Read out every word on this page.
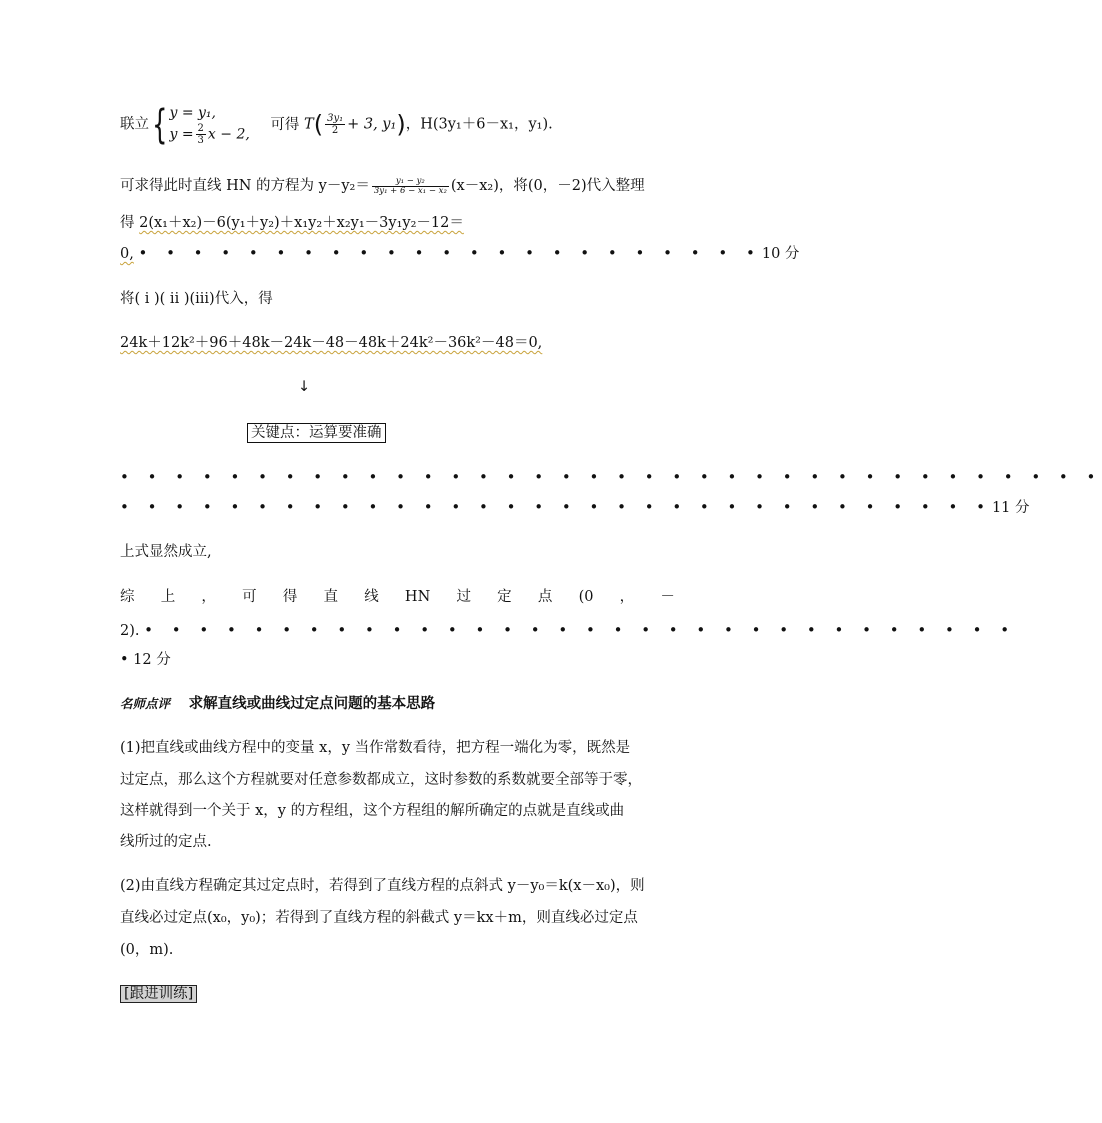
联立{ y = y₁,
$y = \frac{2}{3}$ x − 2,
可得 $T( \frac{\text{3y₁}}{2} + 3$, y₁)，H(3y₁＋6－x₁，y₁).
可求得此时直线 HN 的方程为 $y-y_2= \frac{\text{y₁ − y₂}}{\text{3y₁ + 6 − x₁ − x₂}} (x-x_2)$，将(0，－2)代入整理
得 2(x₁＋x₂)－6(y₁＋y₂)＋x₁y₂＋x₂y₁－3y₁y₂－12＝
0, • • • • • • • • • • • • • • • • • • • • • • •10 分
将( i )( ii )(iii)代入，得
24k＋12k²＋96＋48k－24k－48－48k＋24k²－36k²－48＝0,
↓
关键点：运算要准确
• • • • • • • • • • • • • • • • • • • • • • • • • • • • • • • • • • • •
• • • • • • • • • • • • • • • • • • • • • • • • • • • • • • • •11 分
上式显然成立,
综 上 ， 可 得 直 线 HN 过 定 点 (0 ， －
2). • • • • • • • • • • • • • • • • • • • • • • • • • • • • • • • •
• 12 分
名师点评 求解直线或曲线过定点问题的基本思路
(1)把直线或曲线方程中的变量 x，y 当作常数看待，把方程一端化为零，既然是
过定点，那么这个方程就要对任意参数都成立，这时参数的系数就要全部等于零，
这样就得到一个关于 x，y 的方程组，这个方程组的解所确定的点就是直线或曲
线所过的定点.
(2)由直线方程确定其过定点时，若得到了直线方程的点斜式 y－y₀＝k(x－x₀)，则
直线必过定点(x₀，y₀)；若得到了直线方程的斜截式 y＝kx＋m，则直线必过定点
(0，m).
[跟进训练]
